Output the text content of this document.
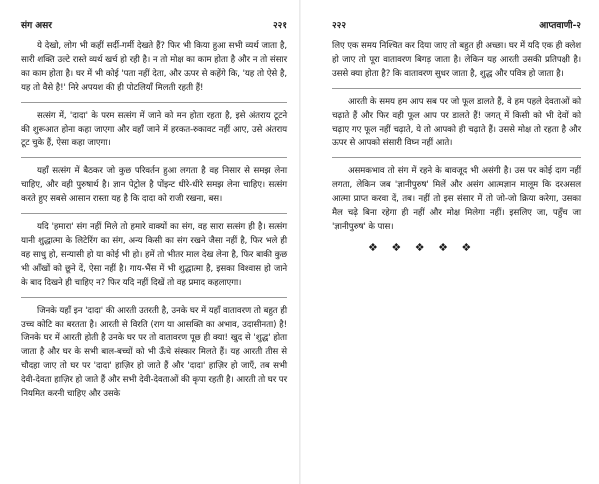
संग असर	२२१

ये देखो, लोग भी कहीं सर्दी-गर्मी देखते हैं? फिर भी किया हुआ सभी व्यर्थ जाता है, सारी शक्ति उल्टे रास्ते व्यर्थ खर्च हो रही है। न तो मोक्ष का काम होता है और न तो संसार का काम होता है। घर में भी कोई 'पता नहीं देता, और ऊपर से कहेंगे कि, 'यह तो ऐसे है, यह तो वैसे है!' निरे अपयश की ही पोटलियाँ मिलती रहती हैं!

सत्संग में, 'दादा' के परम सत्संग में जाने को मन होता रहता है, इसे अंतराय टूटने की शुरूआत होना कहा जाएगा और वहाँ जाने में हरकत-रुकावट नहीं आए, उसे अंतराय टूट चुके हैं, ऐसा कहा जाएगा।

यहाँ सत्संग में बैठकर जो कुछ परिवर्तन हुआ लगता है वह निसार से समझ लेना चाहिए, और वही पुरुषार्थ है। ज्ञान पेट्रोल है पोंइन्ट धीरे-धीरे समझ लेना चाहिए। सत्संग करते हुए सबसे आसान रास्ता यह है कि दादा को राजी रखना, बस।

यदि 'हमारा' संग नहीं मिले तो हमारे वाक्यों का संग, वह सारा सत्संग ही है। सत्संग यानी शुद्धात्मा के लिटेरिंग का संग, अन्य किसी का संग रखने जैसा नहीं है, फिर भले ही वह साधु हो, सन्यासी हो या कोई भी हो। हमें तो भीतर माल देख लेना है, फिर बाकी कुछ भी आँखों को छूने दें, ऐसा नहीं है। गाय-भैंस में भी शुद्धात्मा है, इसका विश्वास हो जाने के बाद दिखने ही चाहिए न? फिर यदि नहीं दिखें तो वह प्रमाद कहलाएगा।

जिनके यहाँ इन 'दादा' की आरती उतरती है, उनके घर में यहाँ वातावरण तो बहुत ही उच्च कोटि का बरतता है। आरती से विरति (राग या आसक्ति का अभाव, उदासीनता) है! जिनके घर में आरती होती है उनके घर पर तो वातावरण पूछ ही क्या! खुद से 'शुद्ध' होता जाता है और घर के सभी बाल-बच्चों को भी ऊँचे संस्कार मिलते हैं। यह आरती तीस से चौदहा जाए तो घर पर 'दादा' हाज़िर हो जाते हैं और 'दादा' हाज़िर हो जाएँ, तब सभी देवी-देवता हाज़िर हो जाते हैं और सभी देवी-देवताओं की कृपा रहती है। आरती तो घर पर नियमित करनी चाहिए और उसके

२२२	आप्तवाणी-२

लिए एक समय निश्चित कर दिया जाए तो बहुत ही अच्छा। घर में यदि एक ही क्लेश हो जाए तो पूरा वातावरण बिगड़ जाता है। लेकिन यह आरती उसकी प्रतिपक्षी है। उससे क्या होता है? कि वातावरण सुधर जाता है, शुद्ध और पवित्र हो जाता है।

आरती के समय हम आप सब पर जो फूल डालते हैं, वे हम पहले देवताओं को चढ़ाते हैं और फिर वही फूल आप पर डालते हैं! जगत् में किसी को भी देवों को चढ़ाए गए फूल नहीं चढ़ाते, ये तो आपको ही चढ़ाते हैं। उससे मोक्ष तो रहता है और ऊपर से आपको संसारी विघ्न नहीं आते।

असमकभाव तो संग में रहने के बावजूद भी असंगी है। उस पर कोई दाग नहीं लगता, लेकिन जब 'ज्ञानीपुरुष' मिलें और असंग आत्मज्ञान मालूम कि दरअसल आत्मा प्राप्त करवा दें, तब। नहीं तो इस संसार में तो जो-जो क्रिया करेगा, उसका मैल चढ़े बिना रहेगा ही नहीं और मोक्ष मिलेगा नहीं। इसलिए जा, पहुँच जा 'ज्ञानीपुरुष' के पास।

❖ ❖ ❖ ❖ ❖
